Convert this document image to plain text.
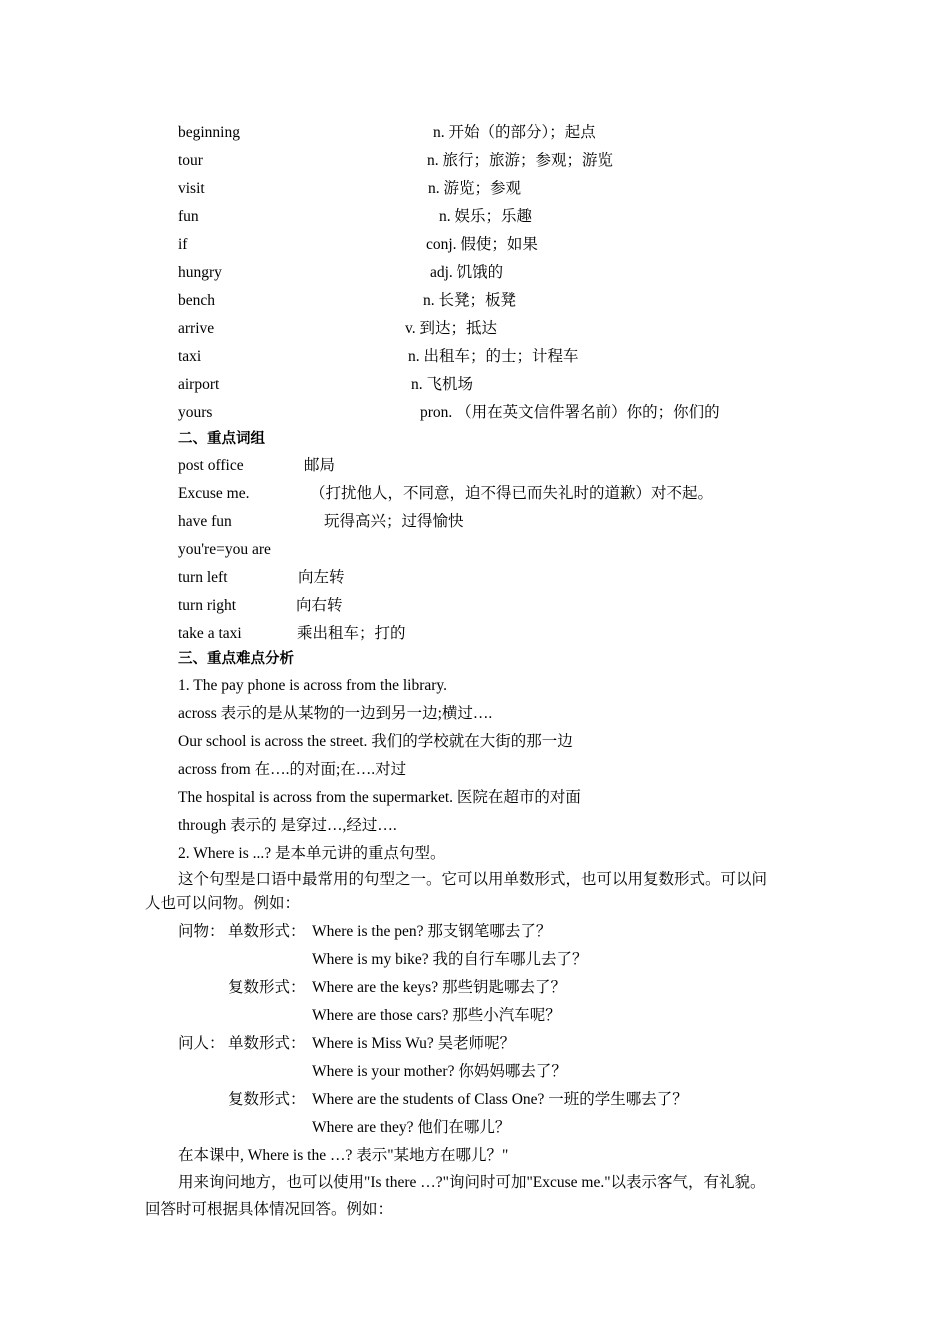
beginning	n. 开始（的部分）；起点
tour	n. 旅行；旅游；参观；游览
visit	n. 游览；参观
fun	n. 娱乐；乐趣
if	conj. 假使；如果
hungry	adj. 饥饿的
bench	n. 长凳；板凳
arrive	v. 到达；抵达
taxi	n. 出租车；的士；计程车
airport	n. 飞机场
yours	pron. （用在英文信件署名前）你的；你们的
二、重点词组
post office	邮局
Excuse me.	（打扰他人，不同意，迫不得已而失礼时的道歉）对不起。
have fun	玩得高兴；过得愉快
you're=you are
turn left	向左转
turn right	向右转
take a taxi	乘出租车；打的
三、重点难点分析
1. The pay phone is across from the library.
across 表示的是从某物的一边到另一边;横过….
Our school is across the street. 我们的学校就在大街的那一边
across from 在….的对面;在….对过
The hospital is across from the supermarket. 医院在超市的对面
through 表示的 是穿过…,经过….
2. Where is ...? 是本单元讲的重点句型。
这个句型是口语中最常用的句型之一。它可以用单数形式，也可以用复数形式。可以问
人也可以问物。例如：
问物： 单数形式： Where is the pen? 那支钢笔哪去了？
Where is my bike? 我的自行车哪儿去了？
复数形式： Where are the keys? 那些钥匙哪去了？
Where are those cars? 那些小汽车呢？
问人： 单数形式： Where is Miss Wu? 吴老师呢？
Where is your mother? 你妈妈哪去了？
复数形式： Where are the students of Class One? 一班的学生哪去了？
Where are they? 他们在哪儿？
在本课中, Where is the …? 表示"某地方在哪儿？"
用来询问地方，也可以使用"Is there …?"询问时可加"Excuse me."以表示客气，有礼貌。
回答时可根据具体情况回答。例如：
